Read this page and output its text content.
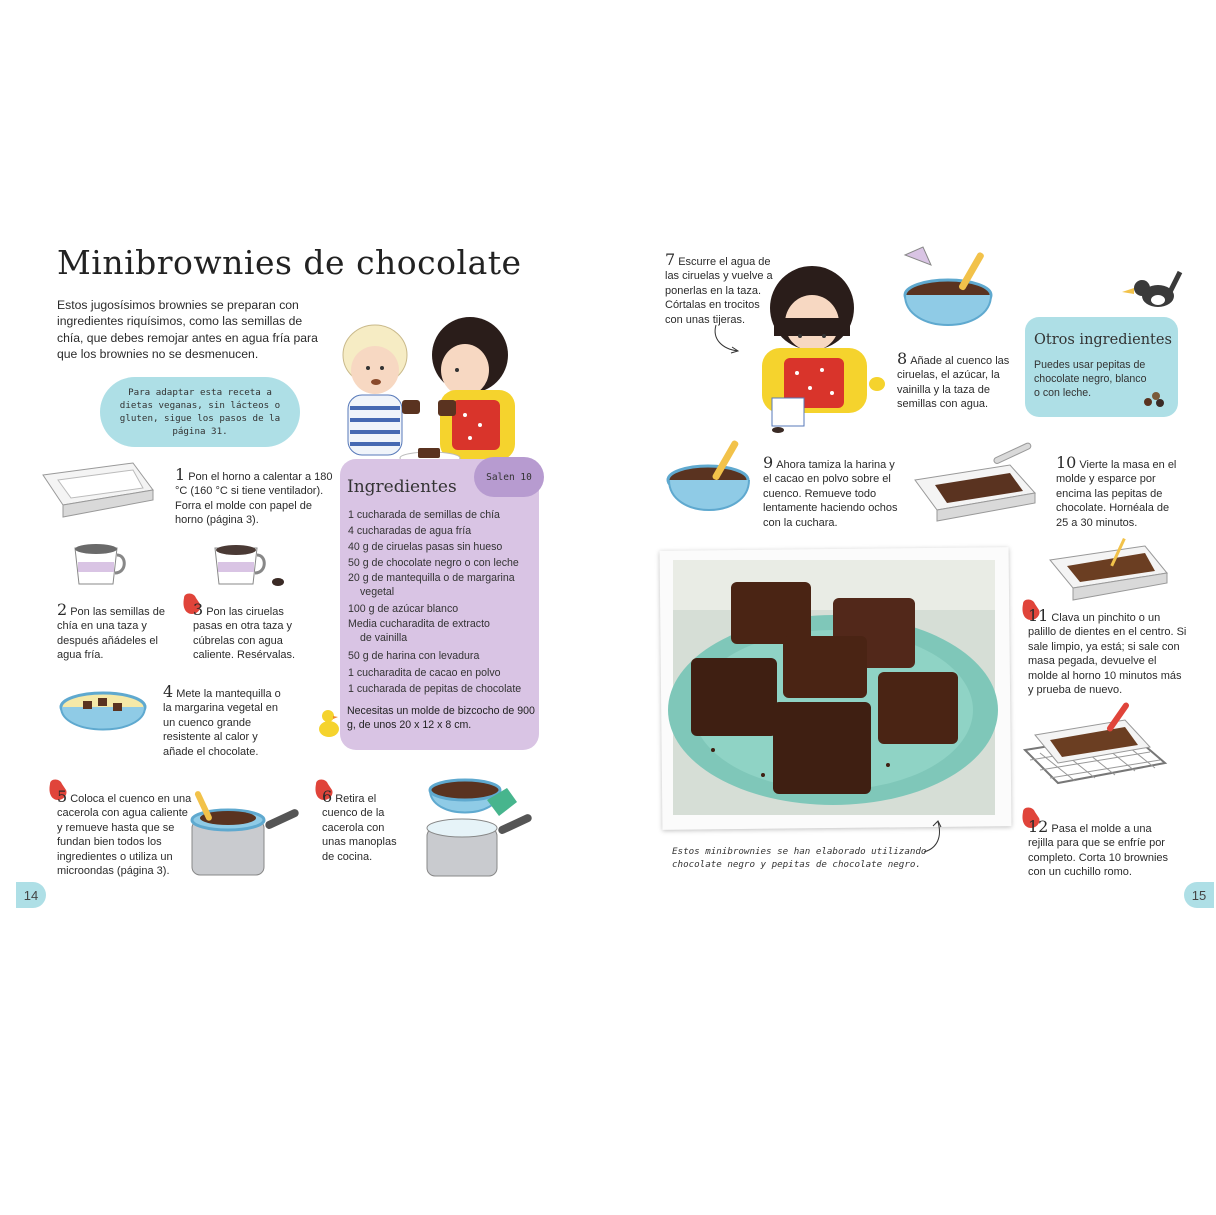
Minibrownies de chocolate
Estos jugosísimos brownies se preparan con ingredientes riquísimos, como las semillas de chía, que debes remojar antes en agua fría para que los brownies no se desmenucen.
Para adaptar esta receta a dietas veganas, sin lácteos o gluten, sigue los pasos de la página 31.
1 Pon el horno a calentar a 180 °C (160 °C si tiene ventilador). Forra el molde con papel de horno (página 3).
2 Pon las semillas de chía en una taza y después añádeles el agua fría.
3 Pon las ciruelas pasas en otra taza y cúbrelas con agua caliente. Resérvalas.
4 Mete la mantequilla o la margarina vegetal en un cuenco grande resistente al calor y añade el chocolate.
5 Coloca el cuenco en una cacerola con agua caliente y remueve hasta que se fundan bien todos los ingredientes o utiliza un microondas (página 3).
6 Retira el cuenco de la cacerola con unas manoplas de cocina.
Salen 10
Ingredientes
1 cucharada de semillas de chía
4 cucharadas de agua fría
40 g de ciruelas pasas sin hueso
50 g de chocolate negro o con leche
20 g de mantequilla o de margarina
vegetal
100 g de azúcar blanco
Media cucharadita de extracto
de vainilla
50 g de harina con levadura
1 cucharadita de cacao en polvo
1 cucharada de pepitas de chocolate
Necesitas un moldе de bizcocho de 900 g, de unos 20 x 12 x 8 cm.
14
7 Escurre el agua de las ciruelas y vuelve a ponerlas en la taza. Córtalas en trocitos con unas tijeras.
8 Añade al cuenco las ciruelas, el azúcar, la vainilla y la taza de semillas con agua.
Otros ingredientes
Puedes usar pepitas de chocolate negro, blanco o con leche.
9 Ahora tamiza la harina y el cacao en polvo sobre el cuenco. Remueve todo lentamente haciendo ochos con la cuchara.
10 Vierte la masa en el molde y esparce por encima las pepitas de chocolate. Hornéala de 25 a 30 minutos.
Estos minibrownies se han elaborado utilizando chocolate negro y pepitas de chocolate negro.
11 Clava un pinchito o un palillo de dientes en el centro. Si sale limpio, ya está; si sale con masa pegada, devuelve el molde al horno 10 minutos más y prueba de nuevo.
12 Pasa el molde a una rejilla para que se enfríe por completo. Corta 10 brownies con un cuchillo romo.
15
